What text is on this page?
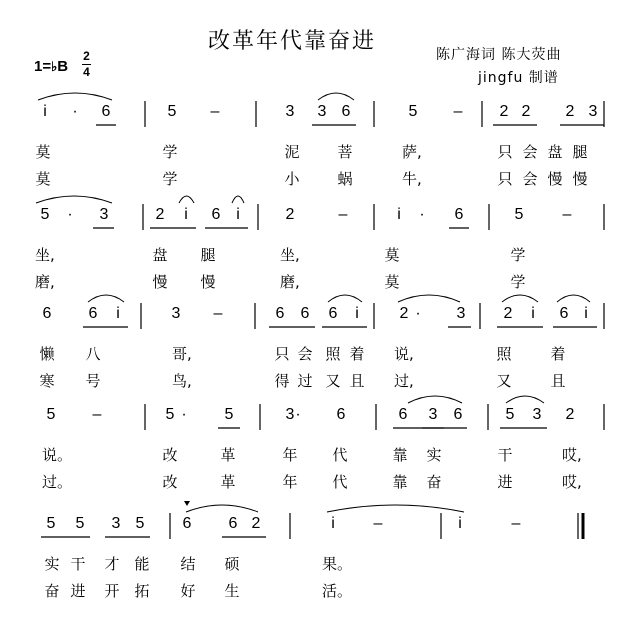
改革年代靠奋进
陈广海词 陈大荧曲
jingfu 制谱
1=♭B
2
4
i · 6	5 –	3 3 6	5 – 2 2 2 3
莫	学	泥	菩	萨,	只 会 盘 腿
莫	学	小	蜗	牛,	只 会 慢 慢
5 · 3	2 i 6 i	2	–	i · 6	5 –
坐,	盘 腿	坐,	莫	学
磨,	慢 慢	磨,	莫	学
6 6 i	3 –	6 6 6 i	2 · 3 2 i 6 i
懒 八	哥,	只 会 照 着 说,	照	着
寒 号	鸟,	得 过 又 且 过,	又	且
5 –	5 · 5	3 · 6	6 3 6	5 3 2
说。	改	革	年 代	靠 实	干	哎,
过。	改	革	年 代	靠 奋	进	哎,
5 5 3 5 6 6 2	i –	i	–
实 干 才 能 结 硕	果。
奋 进 开 拓 好 生	活。
